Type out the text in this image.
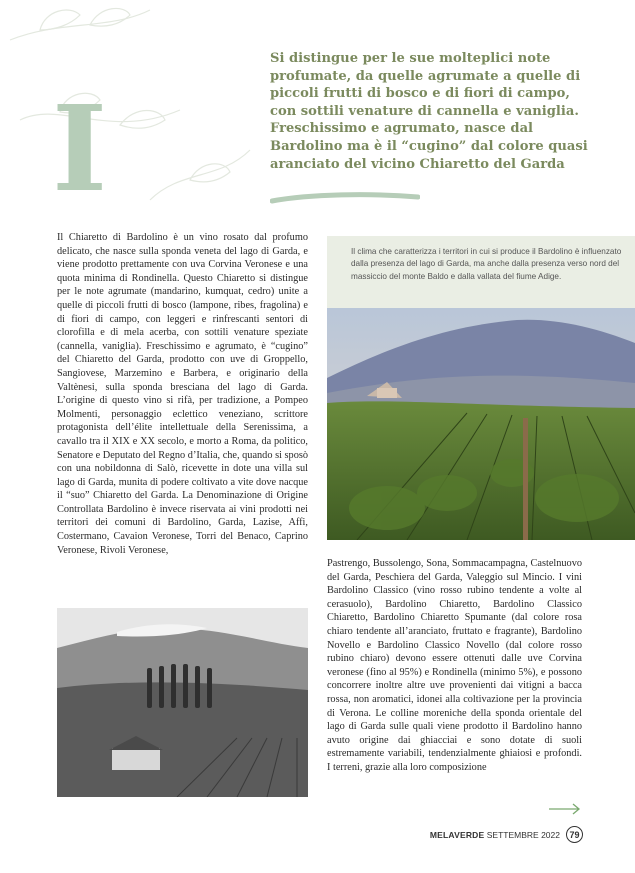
I
Si distingue per le sue molteplici note profumate, da quelle agrumate a quelle di piccoli frutti di bosco e di fiori di campo, con sottili venature di cannella e vaniglia. Freschissimo e agrumato, nasce dal Bardolino ma è il “cugino” dal colore quasi aranciato del vicino Chiaretto del Garda

Il Chiaretto di Bardolino è un vino rosato dal profumo delicato, che nasce sulla sponda veneta del lago di Garda, e viene prodotto prettamente con uva Corvina Veronese e una quota minima di Rondinella. Questo Chiaretto si distingue per le note agrumate (mandarino, kumquat, cedro) unite a quelle di piccoli frutti di bosco (lampone, ribes, fragolina) e di fiori di campo, con leggeri e rinfrescanti sentori di clorofilla e di mela acerba, con sottili venature speziate (cannella, vaniglia). Freschissimo e agrumato, è “cugino” del Chiaretto del Garda, prodotto con uve di Groppello, Sangiovese, Marzemino e Barbera, e originario della Valtènesi, sulla sponda bresciana del lago di Garda. L’origine di questo vino si rifà, per tradizione, a Pompeo Molmenti, personaggio eclettico veneziano, scrittore protagonista dell’élite intellettuale della Serenissima, a cavallo tra il XIX e XX secolo, e morto a Roma, da politico, Senatore e Deputato del Regno d’Italia, che, quando si sposò con una nobildonna di Salò, ricevette in dote una villa sul lago di Garda, munita di podere coltivato a vite dove nacque il “suo” Chiaretto del Garda. La Denominazione di Origine Controllata Bardolino è invece riservata ai vini prodotti nei territori dei comuni di Bardolino, Garda, Lazise, Affi, Costermano, Cavaion Veronese, Torri del Benaco, Caprino Veronese, Rivoli Veronese,

Il clima che caratterizza i territori in cui si produce il Bardolino è influenzato dalla presenza del lago di Garda, ma anche dalla presenza verso nord del massiccio del monte Baldo e dalla vallata del fiume Adige.

Pastrengo, Bussolengo, Sona, Sommacampagna, Castelnuovo del Garda, Peschiera del Garda, Valeggio sul Mincio. I vini Bardolino Classico (vino rosso rubino tendente a volte al cerasuolo), Bardolino Chiaretto, Bardolino Classico Chiaretto, Bardolino Chiaretto Spumante (dal colore rosa chiaro tendente all’aranciato, fruttato e fragrante), Bardolino Novello e Bardolino Classico Novello (dal colore rosso rubino chiaro) devono essere ottenuti dalle uve Corvina veronese (fino al 95%) e Rondinella (minimo 5%), e possono concorrere inoltre altre uve provenienti dai vitigni a bacca rossa, non aromatici, idonei alla coltivazione per la provincia di Verona. Le colline moreniche della sponda orientale del lago di Garda sulle quali viene prodotto il Bardolino hanno avuto origine dai ghiacciai e sono dotate di suoli estremamente variabili, tendenzialmente ghiaiosi e profondi. I terreni, grazie alla loro composizione

MELAVERDE SETTEMBRE 2022	79
